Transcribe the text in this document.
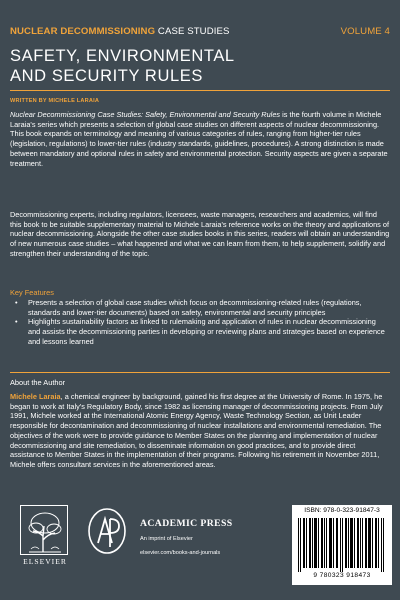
NUCLEAR DECOMMISSIONING CASE STUDIES	VOLUME 4
SAFETY, ENVIRONMENTAL
AND SECURITY RULES
WRITTEN BY MICHELE LARAIA

Nuclear Decommissioning Case Studies: Safety, Environmental and Security Rules is the fourth volume in Michele Laraia's series which presents a selection of global case studies on different aspects of nuclear decommissioning. This book expands on terminology and meaning of various categories of rules, ranging from higher-tier rules (legislation, regulations) to lower-tier rules (industry standards, guidelines, procedures). A strong distinction is made between mandatory and optional rules in safety and environmental protection. Security aspects are given a separate treatment.

Decommissioning experts, including regulators, licensees, waste managers, researchers and academics, will find this book to be suitable supplementary material to Michele Laraia's reference works on the theory and applications of nuclear decommissioning. Alongside the other case studies books in this series, readers will obtain an understanding of new numerous case studies – what happened and what we can learn from them, to help supplement, solidify and strengthen their understanding of the topic.

Key Features
• Presents a selection of global case studies which focus on decommissioning-related rules (regulations, standards and lower-tier documents) based on safety, environmental and security principles
• Highlights sustainability factors as linked to rulemaking and application of rules in nuclear decommissioning and assists the decommissioning parties in developing or reviewing plans and strategies based on experience and lessons learned
About the Author

Michele Laraia, a chemical engineer by background, gained his first degree at the University of Rome. In 1975, he began to work at Italy's Regulatory Body, since 1982 as licensing manager of decommissioning projects. From July 1991, Michele worked at the International Atomic Energy Agency, Waste Technology Section, as Unit Leader responsible for decontamination and decommissioning of nuclear installations and environmental remediation. The objectives of the work were to provide guidance to Member States on the planning and implementation of nuclear decommissioning and site remediation, to disseminate information on good practices, and to provide direct assistance to Member States in the implementation of their programs. Following his retirement in November 2011, Michele offers consultant services in the aforementioned areas.

ELSEVIER
ACADEMIC PRESS
An imprint of Elsevier
elsevier.com/books-and-journals
ISBN: 978-0-323-91847-3
9 780323 918473
